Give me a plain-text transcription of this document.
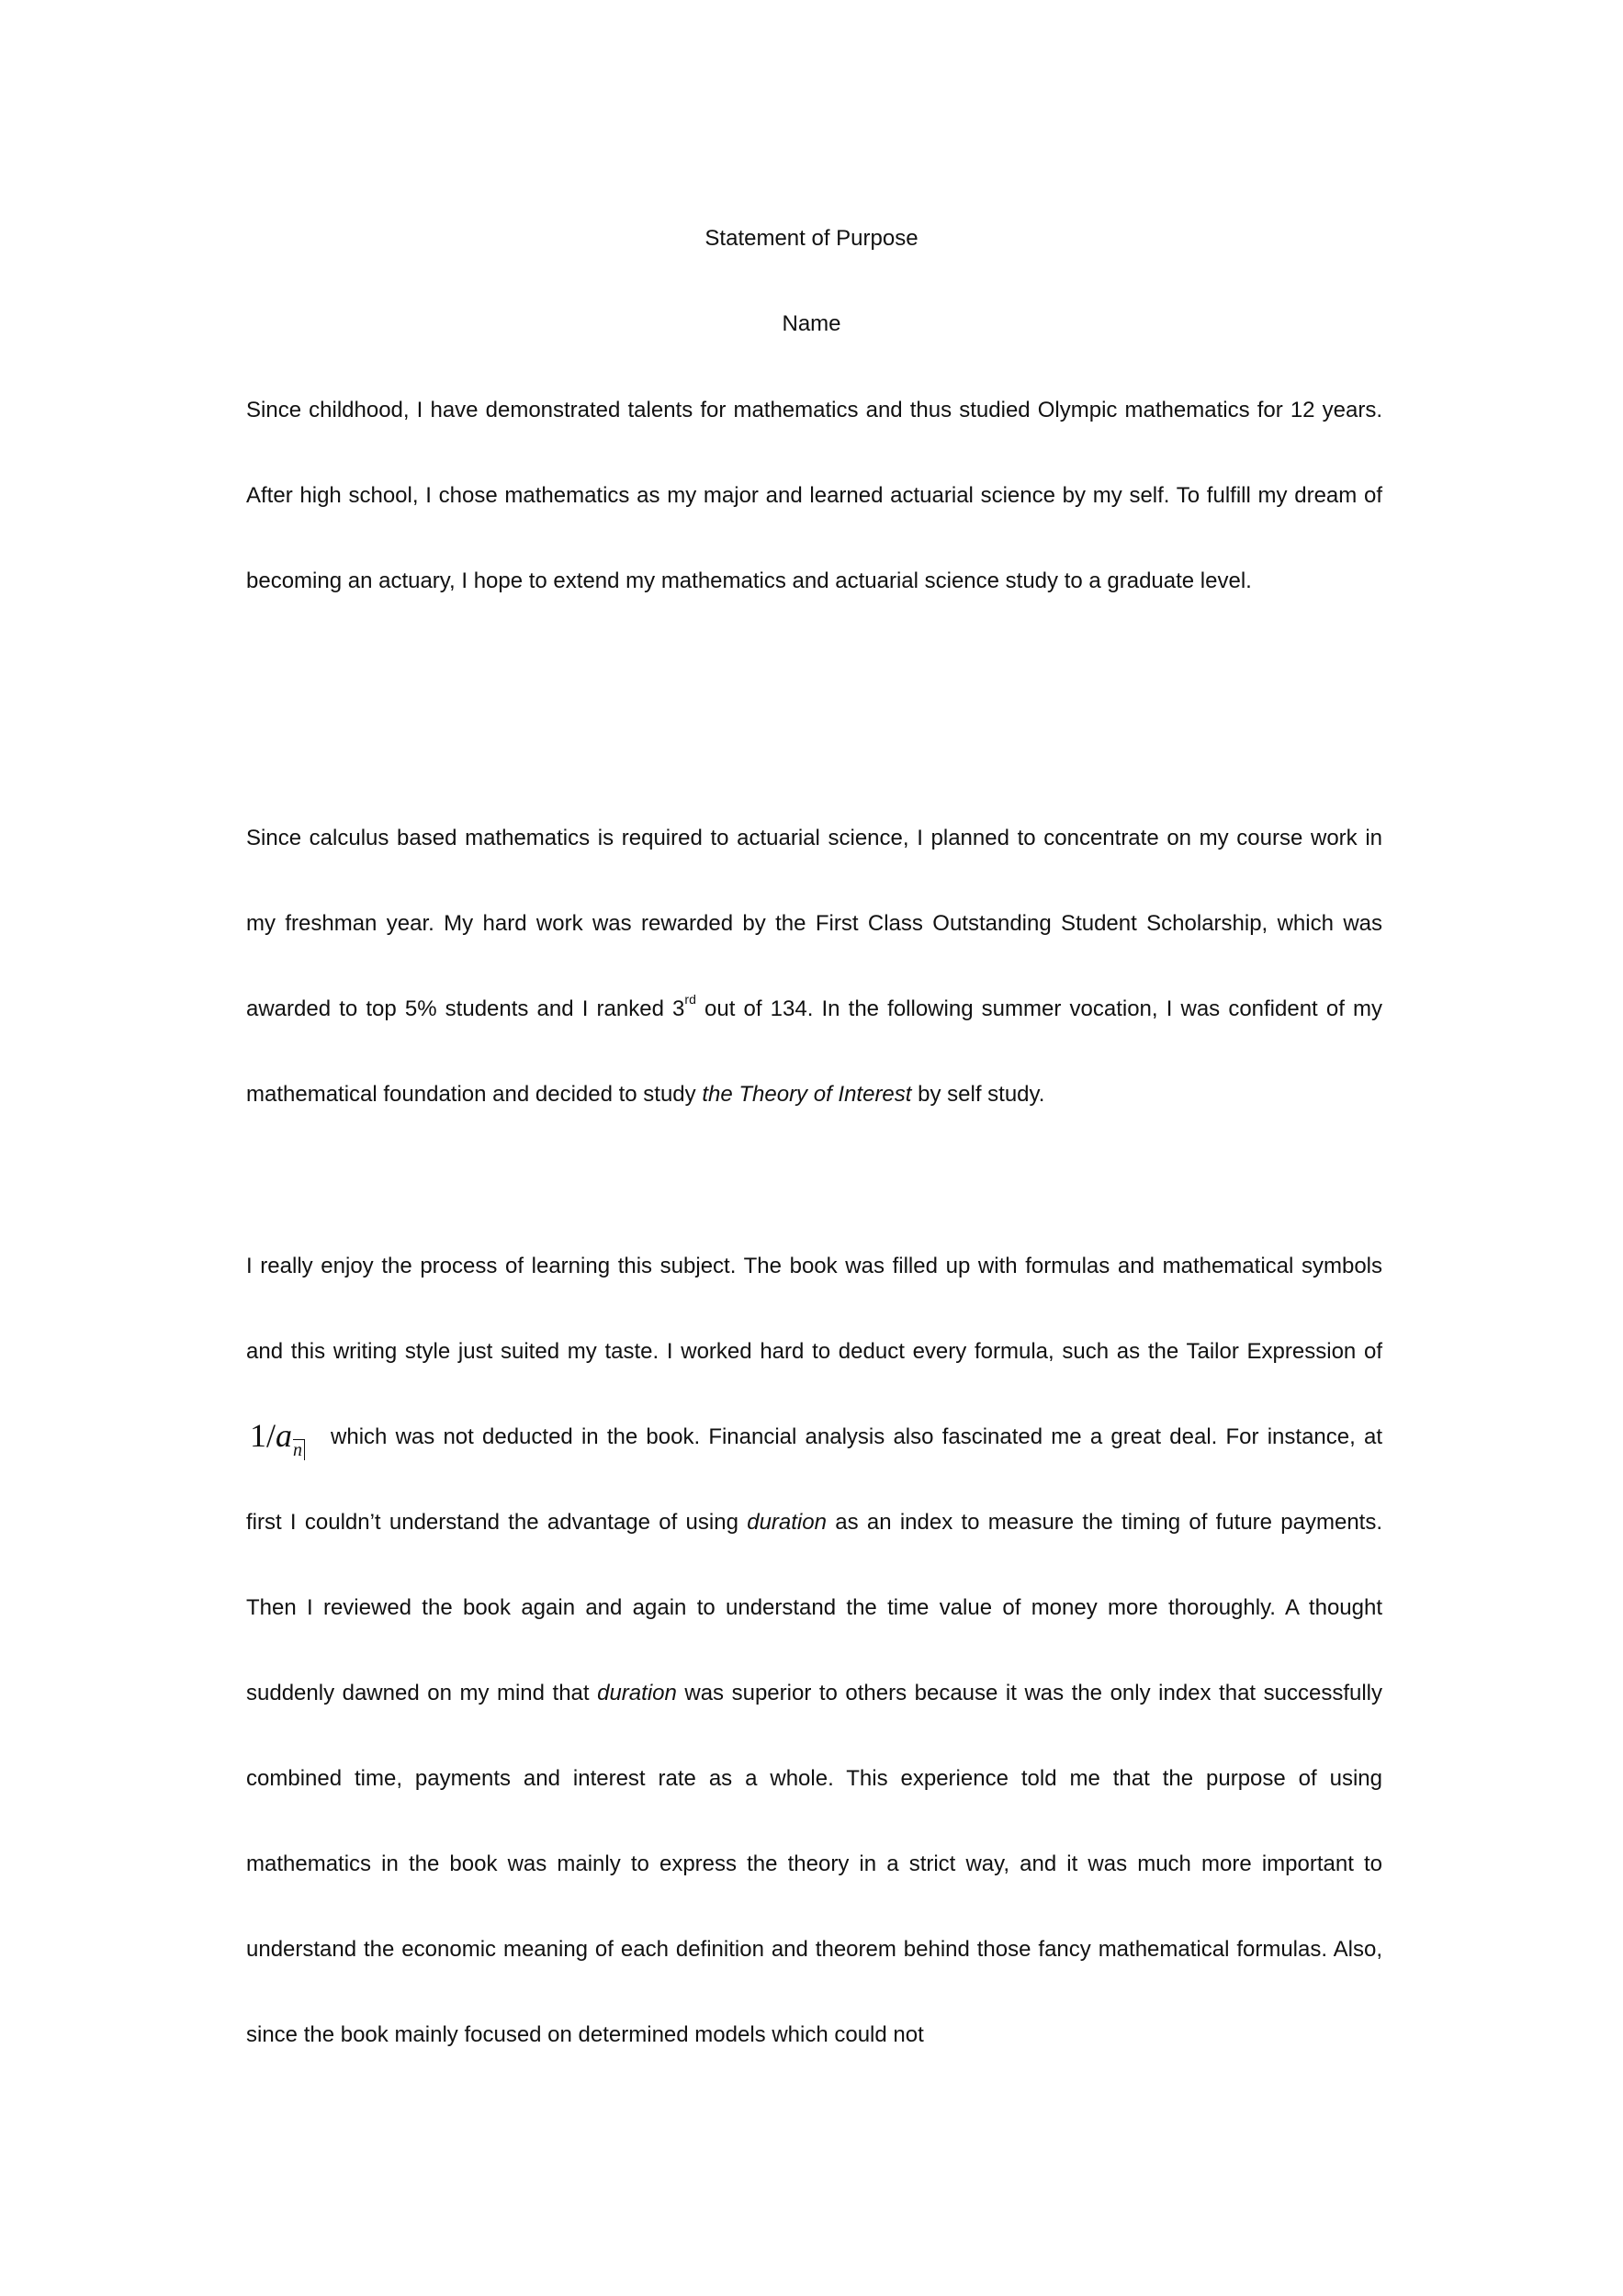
Statement of Purpose

Name

Since childhood, I have demonstrated talents for mathematics and thus studied Olympic mathematics for 12 years. After high school, I chose mathematics as my major and learned actuarial science by my self. To fulfill my dream of becoming an actuary, I hope to extend my mathematics and actuarial science study to a graduate level.

Since calculus based mathematics is required to actuarial science, I planned to concentrate on my course work in my freshman year. My hard work was rewarded by the First Class Outstanding Student Scholarship, which was awarded to top 5% students and I ranked 3rd out of 134. In the following summer vocation, I was confident of my mathematical foundation and decided to study the Theory of Interest by self study.

I really enjoy the process of learning this subject. The book was filled up with formulas and mathematical symbols and this writing style just suited my taste. I worked hard to deduct every formula, such as the Tailor Expression $of1/a_nwhich$ was not deducted in the book. Financial analysis also fascinated me a great deal. For instance, at first I couldn’t understand the advantage of using duration as an index to measure the timing of future payments. Then I reviewed the book again and again to understand the time value of money more thoroughly. A thought suddenly dawned on my mind that duration was superior to others because it was the only index that successfully combined time, payments and interest rate as a whole. This experience told me that the purpose of using mathematics in the book was mainly to express the theory in a strict way, and it was much more important to understand the economic meaning of each definition and theorem behind those fancy mathematical formulas. Also, since the book mainly focused on determined models which could not
